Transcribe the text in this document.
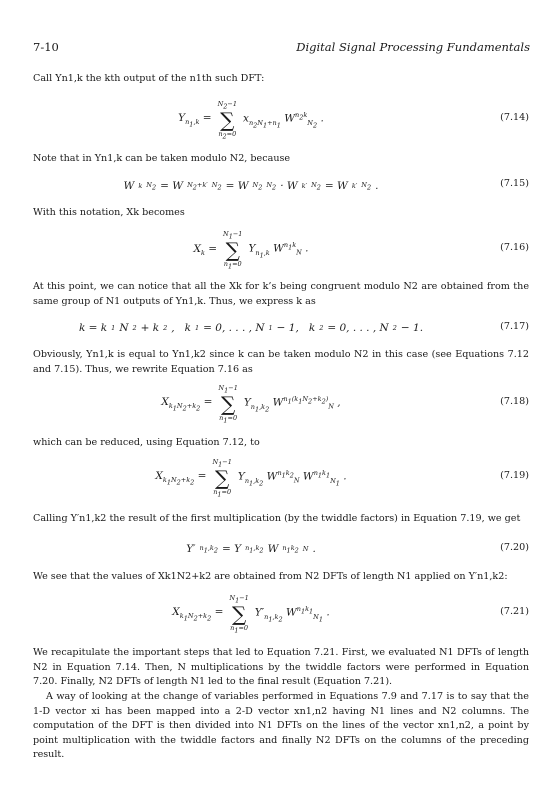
7-10	Digital Signal Processing Fundamentals
Call Yn1,k the kth output of the n1th such DFT:
$Y_{n_1,k}$ =
$N_2-1$
∑
$n_2=0$
$x_{n_2N_1+n_1}$ $W^{n_2k}_{N_2}$ .	(7.14)
Note that in Yn1,k can be taken modulo N2, because
W k $N_2 = W$ $N_2+k'$ $N_2 = W$ $N_2$ $N_2 \cdot W$ k′ $N_2 = W$ k′ $N_2$ .	(7.15)
With this notation, Xk becomes
$X_k$ =
$N_1-1$
∑
$n_1=0$
$Y_{n_1,k}$ $W^{n_1k}_N$ .	(7.16)
At this point, we can notice that all the Xk for k’s being congruent modulo N2 are obtained from the same group of N1 outputs of Yn1,k. Thus, we express k as
k = k 1 N 2 + k 2 ,   k 1 = 0, . . . , N 1 − 1,   k 2 = 0, . . . , N 2 − 1.	(7.17)
Obviously, Yn1,k is equal to Yn1,k2 since k can be taken modulo N2 in this case (see Equations 7.12 and 7.15). Thus, we rewrite Equation 7.16 as
$X_{k_1N_2+k_2}$ =
$N_1-1$
∑
$n_1=0$
$Y_{n_1,k_2}$ $W^{n_1(k_1N_2+k_2)}_N$ ,	(7.18)
which can be reduced, using Equation 7.12, to
$X_{k_1N_2+k_2}$ =
$N_1-1$
∑
$n_1=0$
$Y_{n_1,k_2}$ $W^{n_1k_2}_N$ $W^{n_1k_1}_{N_1}$ .	(7.19)
Calling Y′n1,k2 the result of the first multiplication (by the twiddle factors) in Equation 7.19, we get
Y′ $n_1,k_2 = Y$ $n_1,k_2$ W $n_1k_2$ N .	(7.20)
We see that the values of Xk1N2+k2 are obtained from N2 DFTs of length N1 applied on Y′n1,k2:
$X_{k_1N_2+k_2}$ =
$N_1-1$
∑
$n_1=0$
$Y'_{n_1,k_2}$ $W^{n_1k_1}_{N_1}$ .	(7.21)
We recapitulate the important steps that led to Equation 7.21. First, we evaluated N1 DFTs of length N2 in Equation 7.14. Then, N multiplications by the twiddle factors were performed in Equation 7.20. Finally, N2 DFTs of length N1 led to the final result (Equation 7.21).
A way of looking at the change of variables performed in Equations 7.9 and 7.17 is to say that the 1-D vector xi has been mapped into a 2-D vector xn1,n2 having N1 lines and N2 columns. The computation of the DFT is then divided into N1 DFTs on the lines of the vector xn1,n2, a point by point multiplication with the twiddle factors and finally N2 DFTs on the columns of the preceding result.
